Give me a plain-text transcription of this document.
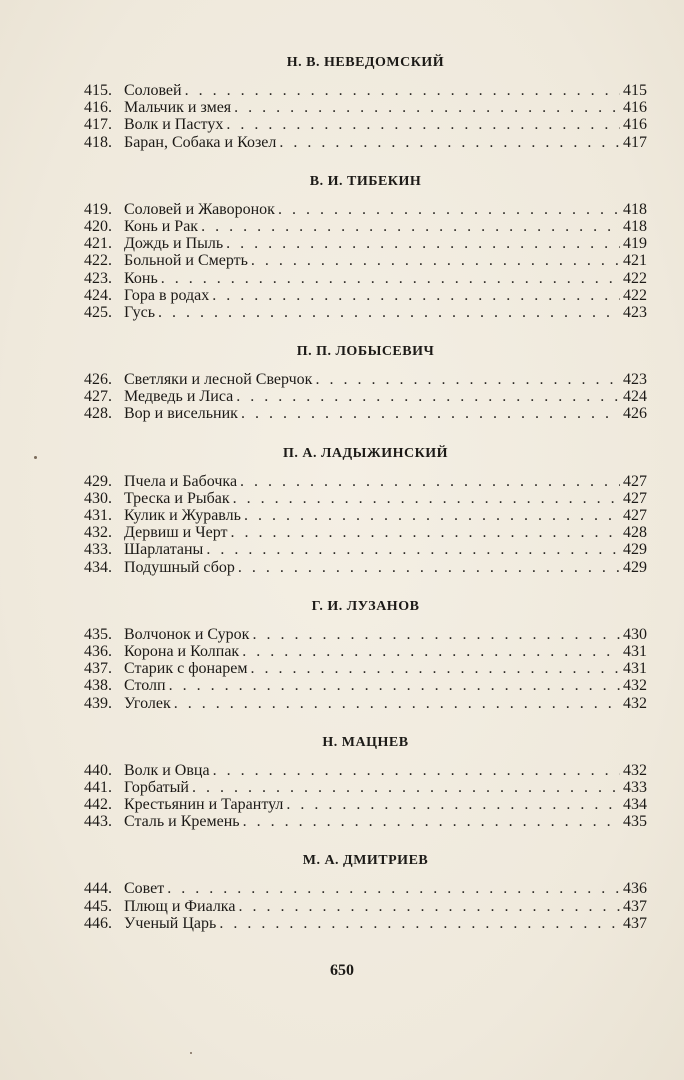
Н. В. НЕВЕДОМСКИЙ
415. Соловей . . .	415
416. Мальчик и змея . . .	416
417. Волк и Пастух . . .	416
418. Баран, Собака и Козел . . .	417
В. И. ТИБЕКИН
419. Соловей и Жаворонок . . .	418
420. Конь и Рак . . .	418
421. Дождь и Пыль . . .	419
422. Больной и Смерть . . .	421
423. Конь . . .	422
424. Гора в родах . . .	422
425. Гусь . . .	423
П. П. ЛОБЫСЕВИЧ
426. Светляки и лесной Сверчок . . .	423
427. Медведь и Лиса . . .	424
428. Вор и висельник . . .	426
П. А. ЛАДЫЖИНСКИЙ
429. Пчела и Бабочка . . .	427
430. Треска и Рыбак . . .	427
431. Кулик и Журавль . . .	427
432. Дервиш и Черт . . .	428
433. Шарлатаны . . .	429
434. Подушный сбор . . .	429
Г. И. ЛУЗАНОВ
435. Волчонок и Сурок . . .	430
436. Корона и Колпак . . .	431
437. Старик с фонарем . . .	431
438. Столп . . .	432
439. Уголек . . .	432
Н. МАЦНЕВ
440. Волк и Овца . . .	432
441. Горбатый . . .	433
442. Крестьянин и Тарантул . . .	434
443. Сталь и Кремень . . .	435
М. А. ДМИТРИЕВ
444. Совет . . .	436
445. Плющ и Фиалка . . .	437
446. Ученый Царь . . .	437
650
